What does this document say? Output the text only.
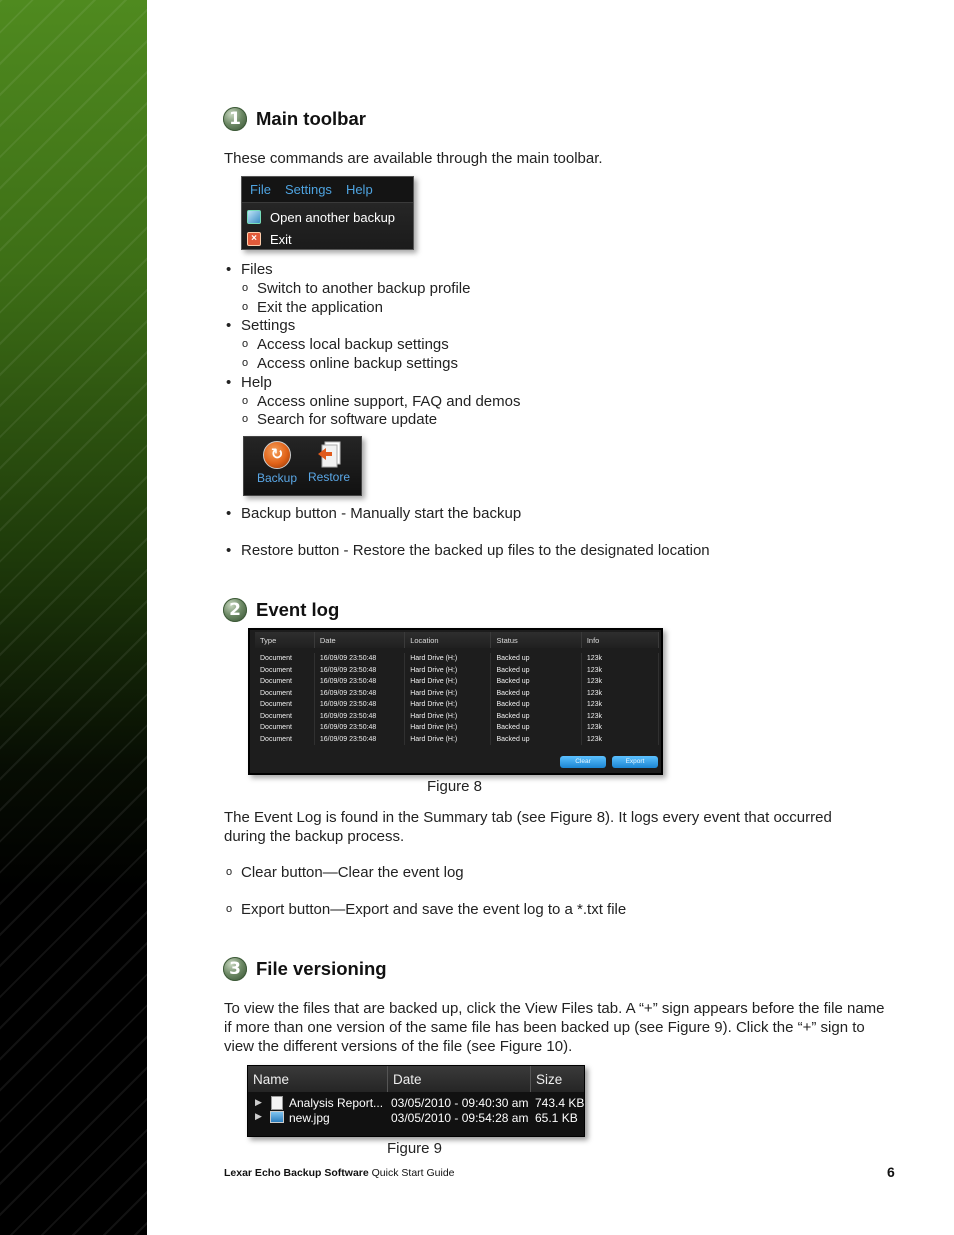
1 Main toolbar
These commands are available through the main toolbar.
File Settings Help
Open another backup
×	Exit
• Files
o Switch to another backup profile
o Exit the application
• Settings
o Access local backup settings
o Access online backup settings
• Help
o Access online support, FAQ and demos
o Search for software update
↻
Backup Restore
• Backup button - Manually start the backup
• Restore button - Restore the backed up files to the designated location
2 Event log
Type	Date	Location	Status	Info

Document	16/09/09 23:50:48	Hard Drive (H:)	Backed up	123k
Document	16/09/09 23:50:48	Hard Drive (H:)	Backed up	123k
Document	16/09/09 23:50:48	Hard Drive (H:)	Backed up	123k
Document	16/09/09 23:50:48	Hard Drive (H:)	Backed up	123k
Document	16/09/09 23:50:48	Hard Drive (H:)	Backed up	123k
Document	16/09/09 23:50:48	Hard Drive (H:)	Backed up	123k
Document	16/09/09 23:50:48	Hard Drive (H:)	Backed up	123k
Document	16/09/09 23:50:48	Hard Drive (H:)	Backed up	123k
Clear	Export
Figure 8
The Event Log is found in the Summary tab (see Figure 8). It logs every event that occurred during the backup process.
o Clear button—Clear the event log
o Export button—Export and save the event log to a *.txt file
3 File versioning
To view the files that are backed up, click the View Files tab. A “+” sign appears before the file name if more than one version of the same file has been backed up (see Figure 9). Click the “+” sign to view the different versions of the file (see Figure 10).
Name	Date	Size
▶ Analysis Report... 03/05/2010 - 09:40:30 am 743.4 KB
▶ new.jpg	03/05/2010 - 09:54:28 am 65.1 KB
Figure 9
Lexar Echo Backup Software Quick Start Guide	6
